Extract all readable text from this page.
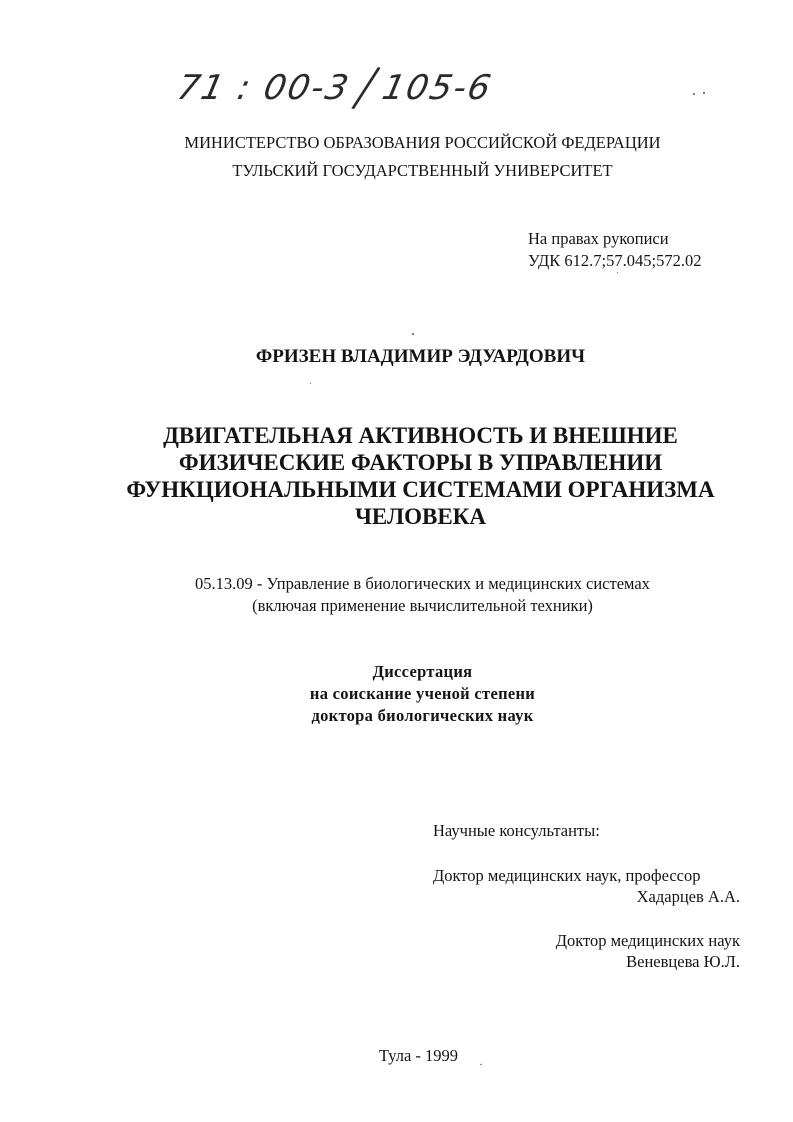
71 : 00-3/105-6
МИНИСТЕРСТВО ОБРАЗОВАНИЯ РОССИЙСКОЙ ФЕДЕРАЦИИ
ТУЛЬСКИЙ ГОСУДАРСТВЕННЫЙ УНИВЕРСИТЕТ
На правах рукописи
УДК 612.7;57.045;572.02
ФРИЗЕН ВЛАДИМИР ЭДУАРДОВИЧ
ДВИГАТЕЛЬНАЯ АКТИВНОСТЬ И ВНЕШНИЕ
ФИЗИЧЕСКИЕ ФАКТОРЫ В УПРАВЛЕНИИ
ФУНКЦИОНАЛЬНЫМИ СИСТЕМАМИ ОРГАНИЗМА
ЧЕЛОВЕКА
05.13.09 - Управление в биологических и медицинских системах
(включая применение вычислительной техники)
Диссертация
на соискание ученой степени
доктора биологических наук
Научные консультанты:
Доктор медицинских наук, профессор
Хадарцев А.А.
Доктор медицинских наук
Веневцева Ю.Л.
Тула - 1999
